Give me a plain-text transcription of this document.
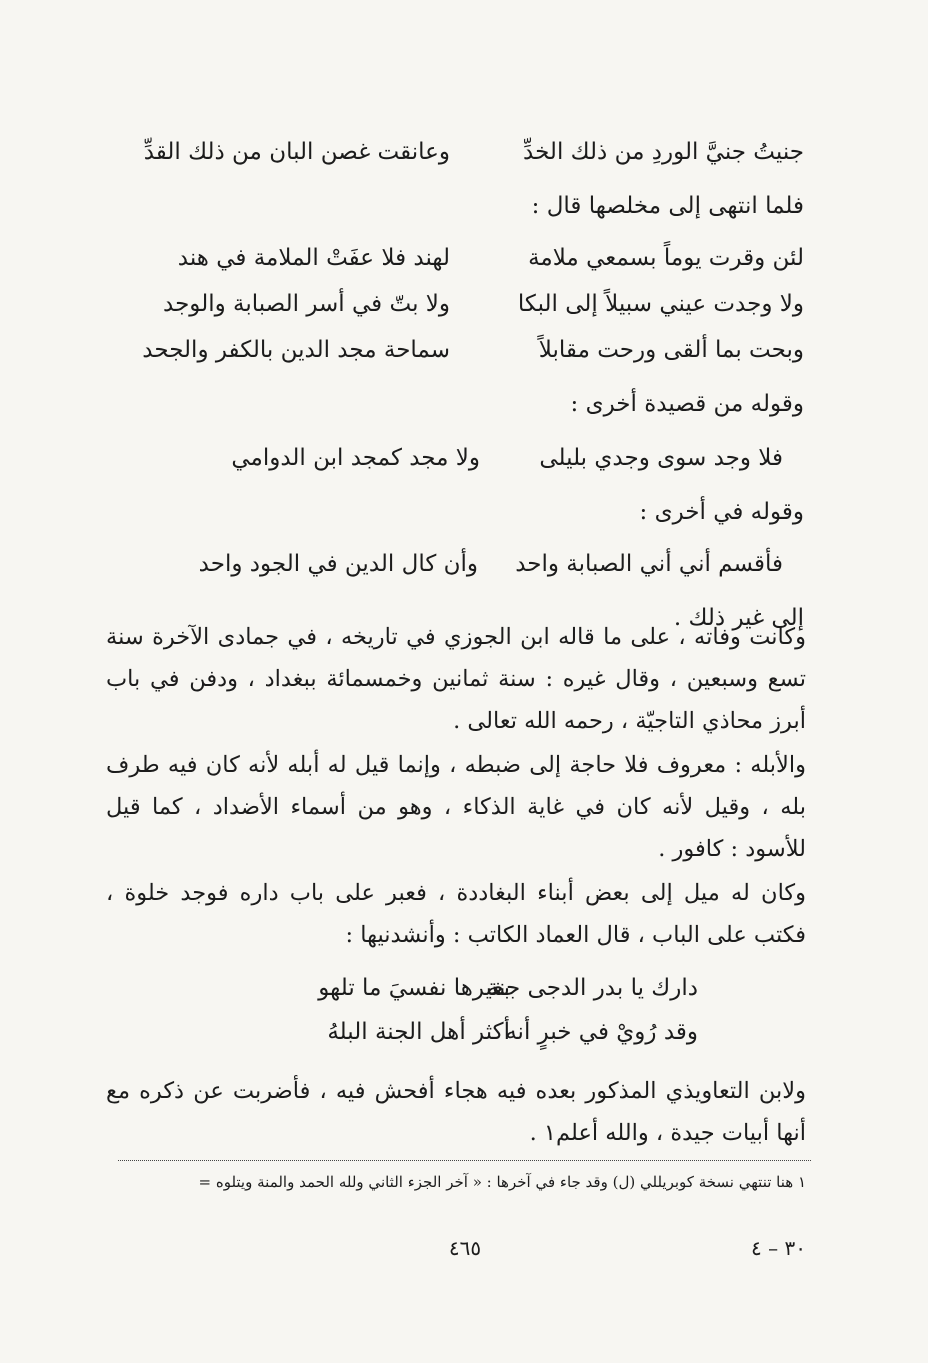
جنيتُ جنيَّ الوردِ من ذلك الخدِّ
وعانقت غصن البان من ذلك القدِّ
فلما انتهى إلى مخلصها قال :
لئن وقرت يوماً بسمعي ملامة
لهند فلا عفَتْ الملامة في هند
ولا وجدت عيني سبيلاً إلى البكا
ولا بتّ في أسر الصبابة والوجد
وبحت بما ألقى ورحت مقابلاً
سماحة مجد الدين بالكفر والجحد
وقوله من قصيدة أخرى :
فلا وجد سوى وجدي بليلى
ولا مجد كمجد ابن الدوامي
وقوله في أخرى :
فأقسم أني أني الصبابة واحد
وأن كال الدين في الجود واحد
إلى غير ذلك .

وكانت وفاته ، على ما قاله ابن الجوزي في تاريخه ، في جمادى الآخرة سنة تسع وسبعين ، وقال غيره : سنة ثمانين وخمسمائة ببغداد ، ودفن في باب أبرز محاذي التاجيّة ، رحمه الله تعالى .

والأبله : معروف فلا حاجة إلى ضبطه ، وإنما قيل له أبله لأنه كان فيه طرف بله ، وقيل لأنه كان في غاية الذكاء ، وهو من أسماء الأضداد ، كما قيل للأسود : كافور .

وكان له ميل إلى بعض أبناء البغاددة ، فعبر على باب داره فوجد خلوة ، فكتب على الباب ، قال العماد الكاتب : وأنشدنيها :

دارك يا بدر الدجى جنة
بغيرها نفسيَ ما تلهو
وقد رُويْ في خبرٍ أنه
أكثر أهل الجنة البلهُ

ولابن التعاويذي المذكور بعده فيه هجاء أفحش فيه ، فأضربت عن ذكره مع أنها أبيات جيدة ، والله أعلم١ .

١ هنا تنتهي نسخة كوبريللي (ل) وقد جاء في آخرها : « آخر الجزء الثاني ولله الحمد والمنة ويتلوه =
٤٦٥	٣٠ – ٤
